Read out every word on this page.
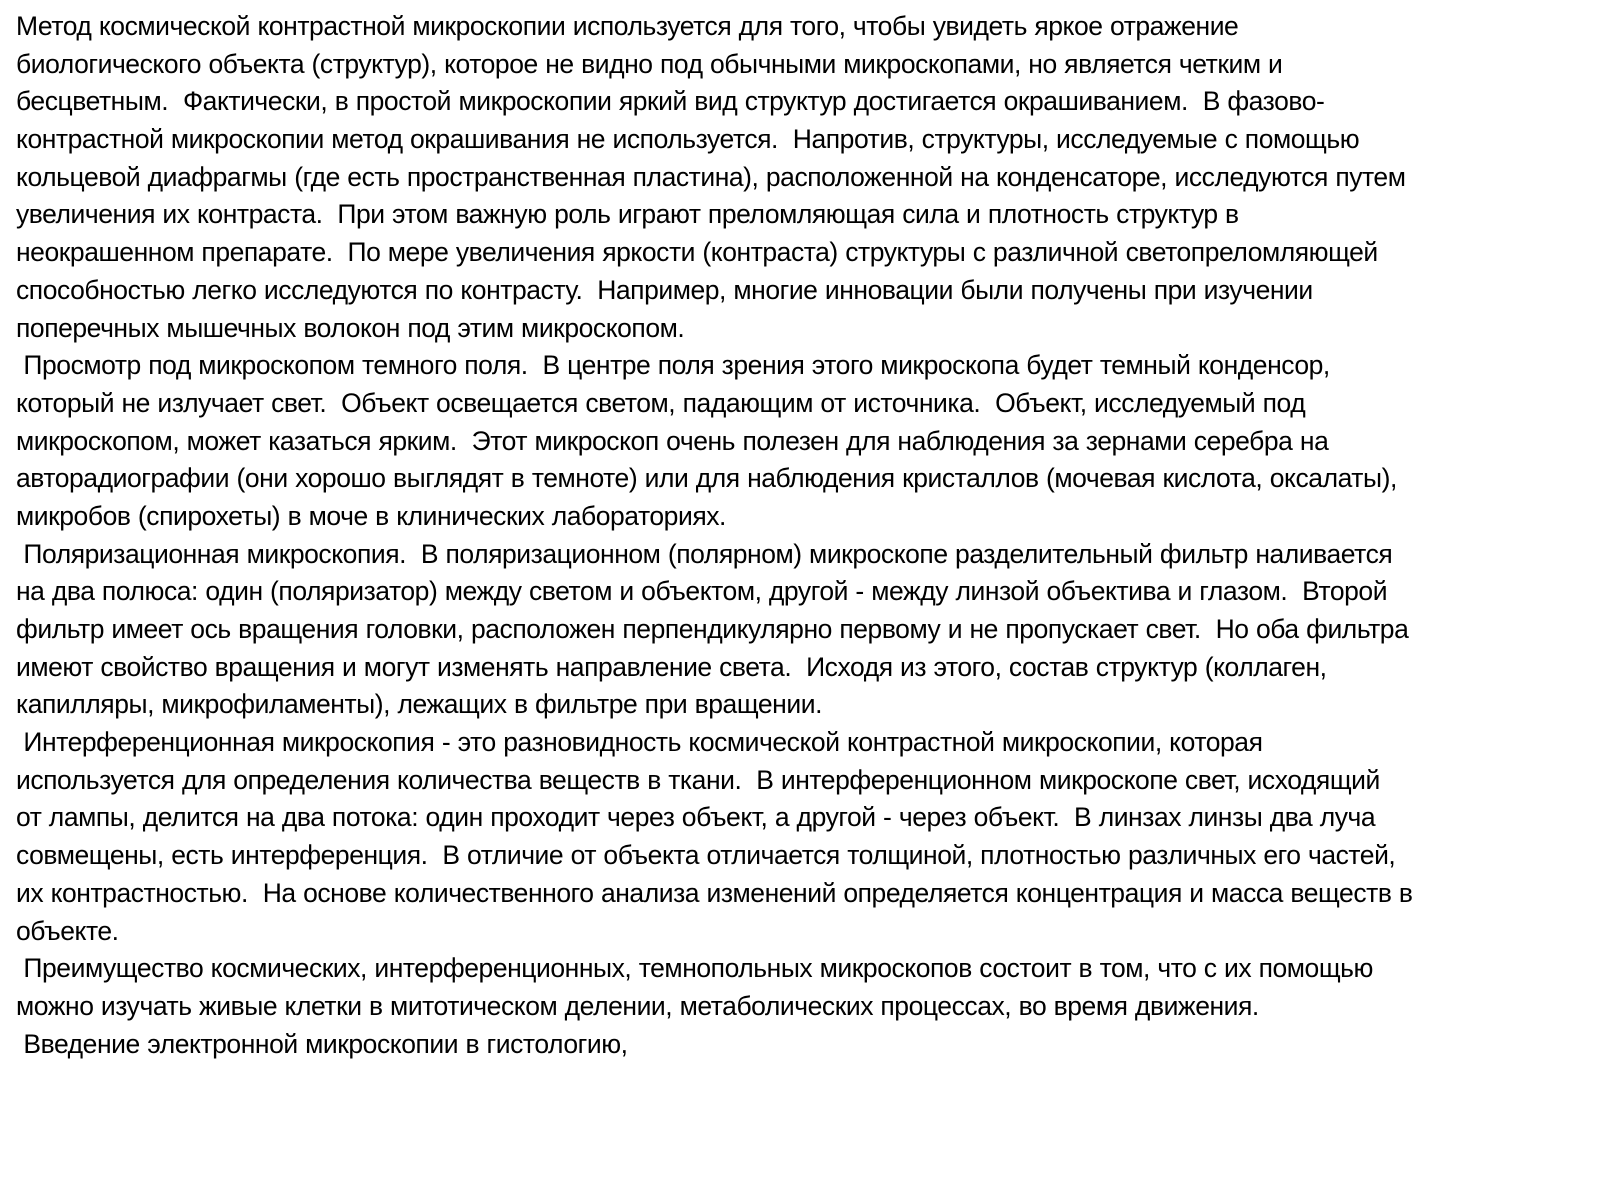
Метод космической контрастной микроскопии используется для того, чтобы увидеть яркое отражение
биологического объекта (структур), которое не видно под обычными микроскопами, но является четким и
бесцветным.  Фактически, в простой микроскопии яркий вид структур достигается окрашиванием.  В фазово-
контрастной микроскопии метод окрашивания не используется.  Напротив, структуры, исследуемые с помощью
кольцевой диафрагмы (где есть пространственная пластина), расположенной на конденсаторе, исследуются путем
увеличения их контраста.  При этом важную роль играют преломляющая сила и плотность структур в
неокрашенном препарате.  По мере увеличения яркости (контраста) структуры с различной светопреломляющей
способностью легко исследуются по контрасту.  Например, многие инновации были получены при изучении
поперечных мышечных волокон под этим микроскопом.
Просмотр под микроскопом темного поля.  В центре поля зрения этого микроскопа будет темный конденсор,
который не излучает свет.  Объект освещается светом, падающим от источника.  Объект, исследуемый под
микроскопом, может казаться ярким.  Этот микроскоп очень полезен для наблюдения за зернами серебра на
авторадиографии (они хорошо выглядят в темноте) или для наблюдения кристаллов (мочевая кислота, оксалаты),
микробов (спирохеты) в моче в клинических лабораториях.
Поляризационная микроскопия.  В поляризационном (полярном) микроскопе разделительный фильтр наливается
на два полюса: один (поляризатор) между светом и объектом, другой - между линзой объектива и глазом.  Второй
фильтр имеет ось вращения головки, расположен перпендикулярно первому и не пропускает свет.  Но оба фильтра
имеют свойство вращения и могут изменять направление света.  Исходя из этого, состав структур (коллаген,
капилляры, микрофиламенты), лежащих в фильтре при вращении.
Интерференционная микроскопия - это разновидность космической контрастной микроскопии, которая
используется для определения количества веществ в ткани.  В интерференционном микроскопе свет, исходящий
от лампы, делится на два потока: один проходит через объект, а другой - через объект.  В линзах линзы два луча
совмещены, есть интерференция.  В отличие от объекта отличается толщиной, плотностью различных его частей,
их контрастностью.  На основе количественного анализа изменений определяется концентрация и масса веществ в
объекте.
Преимущество космических, интерференционных, темнопольных микроскопов состоит в том, что с их помощью
можно изучать живые клетки в митотическом делении, метаболических процессах, во время движения.
Введение электронной микроскопии в гистологию,
